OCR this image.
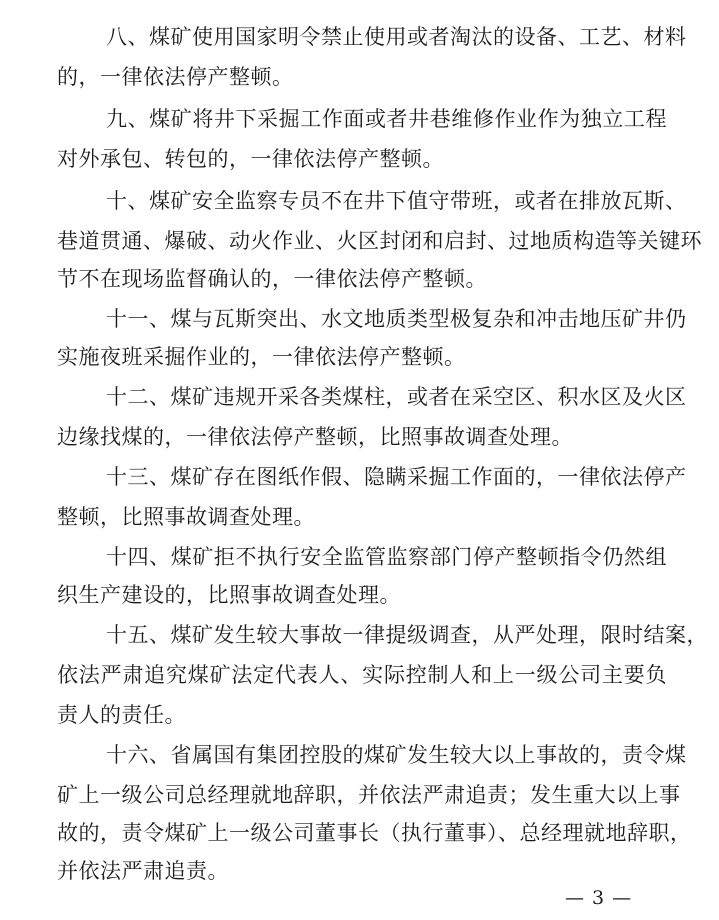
八、煤矿使用国家明令禁止使用或者淘汰的设备、工艺、材料
的，一律依法停产整顿。
九、煤矿将井下采掘工作面或者井巷维修作业作为独立工程
对外承包、转包的，一律依法停产整顿。
十、煤矿安全监察专员不在井下值守带班，或者在排放瓦斯、
巷道贯通、爆破、动火作业、火区封闭和启封、过地质构造等关键环
节不在现场监督确认的，一律依法停产整顿。
十一、煤与瓦斯突出、水文地质类型极复杂和冲击地压矿井仍
实施夜班采掘作业的，一律依法停产整顿。
十二、煤矿违规开采各类煤柱，或者在采空区、积水区及火区
边缘找煤的，一律依法停产整顿，比照事故调查处理。
十三、煤矿存在图纸作假、隐瞒采掘工作面的，一律依法停产
整顿，比照事故调查处理。
十四、煤矿拒不执行安全监管监察部门停产整顿指令仍然组
织生产建设的，比照事故调查处理。
十五、煤矿发生较大事故一律提级调查，从严处理，限时结案，
依法严肃追究煤矿法定代表人、实际控制人和上一级公司主要负
责人的责任。
十六、省属国有集团控股的煤矿发生较大以上事故的，责令煤
矿上一级公司总经理就地辞职，并依法严肃追责；发生重大以上事
故的，责令煤矿上一级公司董事长（执行董事）、总经理就地辞职，
并依法严肃追责。
— 3 —
